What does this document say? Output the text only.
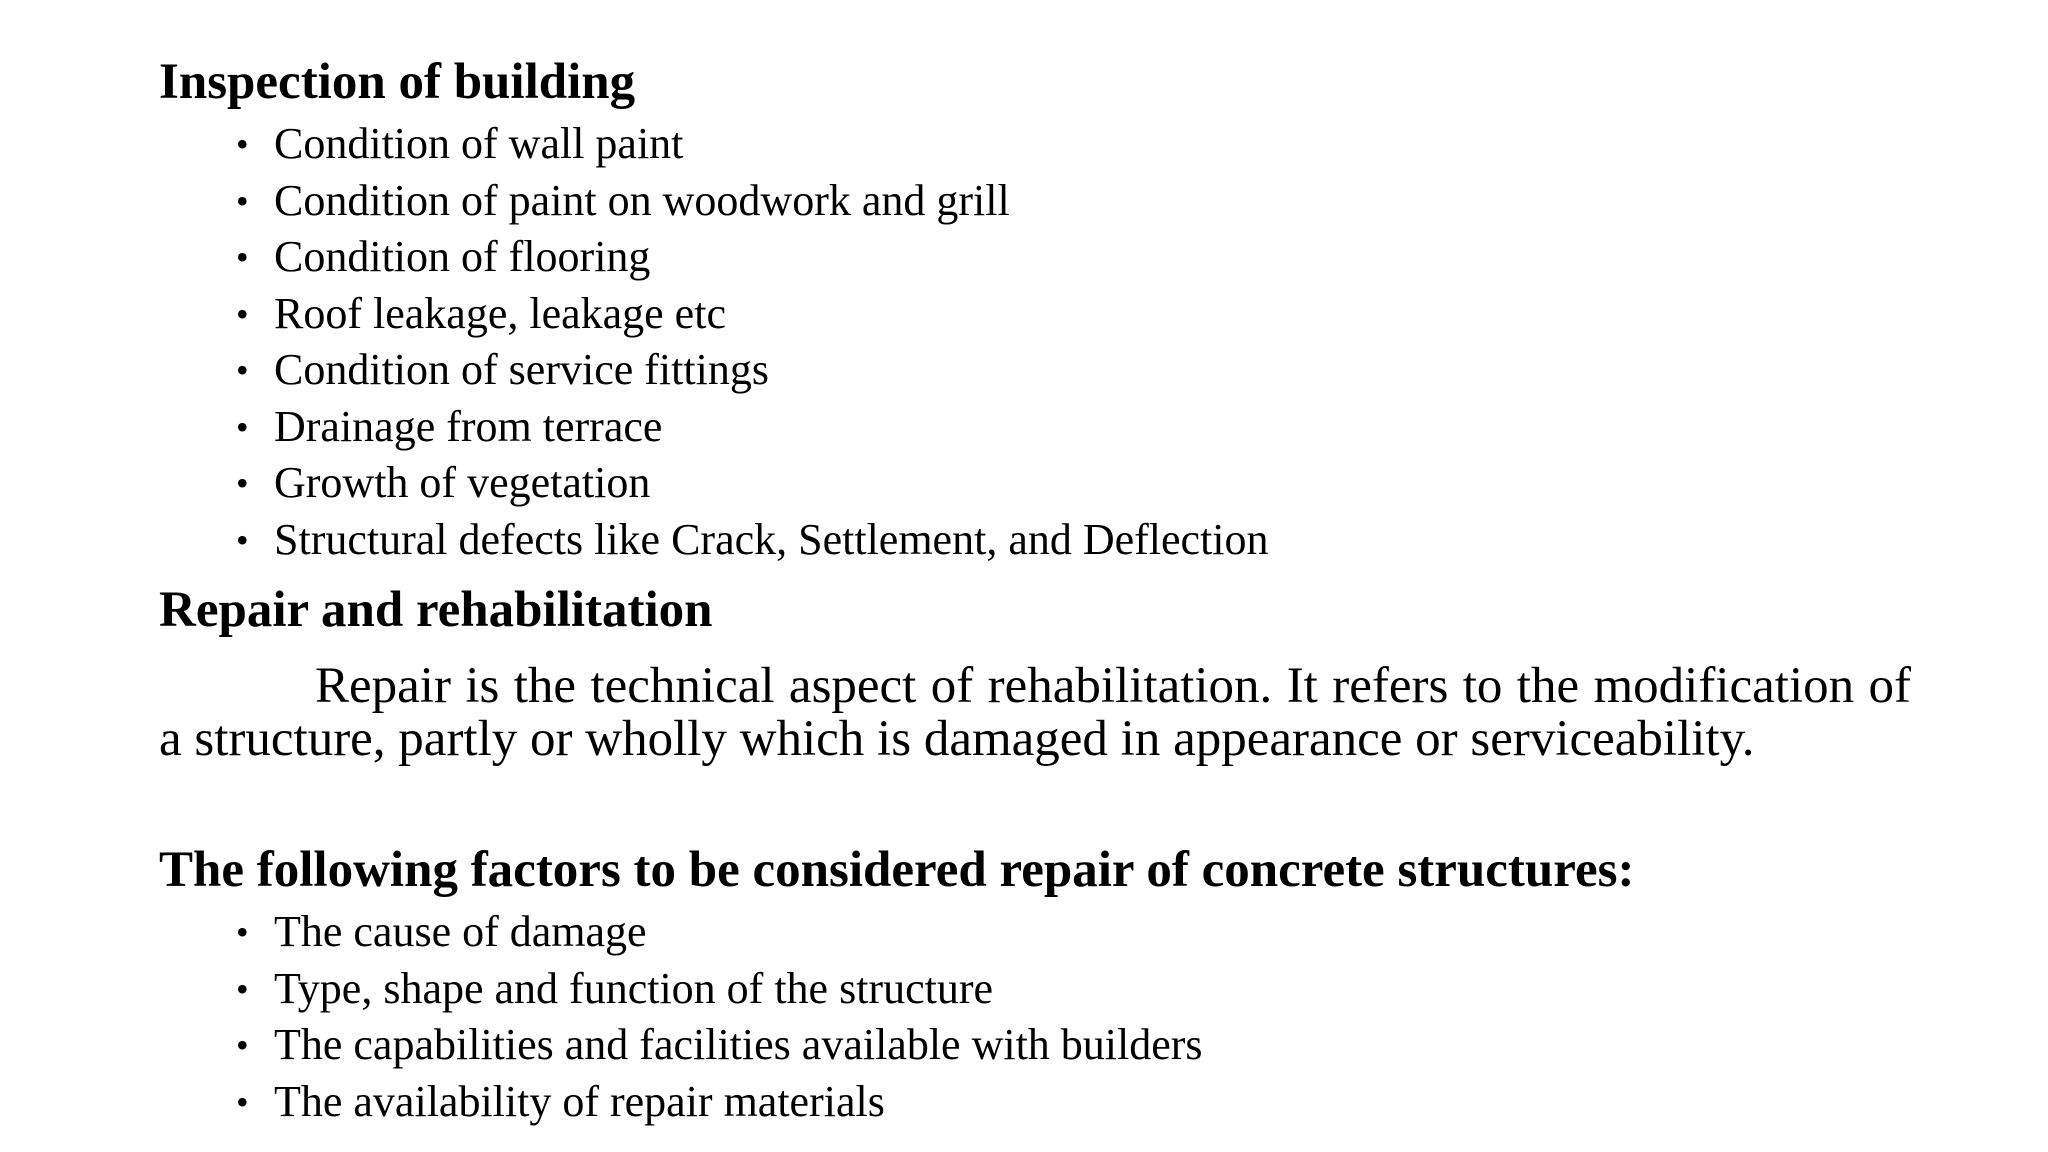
Inspection of building
• Condition of wall paint
• Condition of paint on woodwork and grill
• Condition of flooring
• Roof leakage, leakage etc
• Condition of service fittings
• Drainage from terrace
• Growth of vegetation
• Structural defects like Crack, Settlement, and Deflection
Repair and rehabilitation

Repair is the technical aspect of rehabilitation. It refers to the modification of a structure, partly or wholly which is damaged in appearance or serviceability.

The following factors to be considered repair of concrete structures:
• The cause of damage
• Type, shape and function of the structure
• The capabilities and facilities available with builders
• The availability of repair materials
